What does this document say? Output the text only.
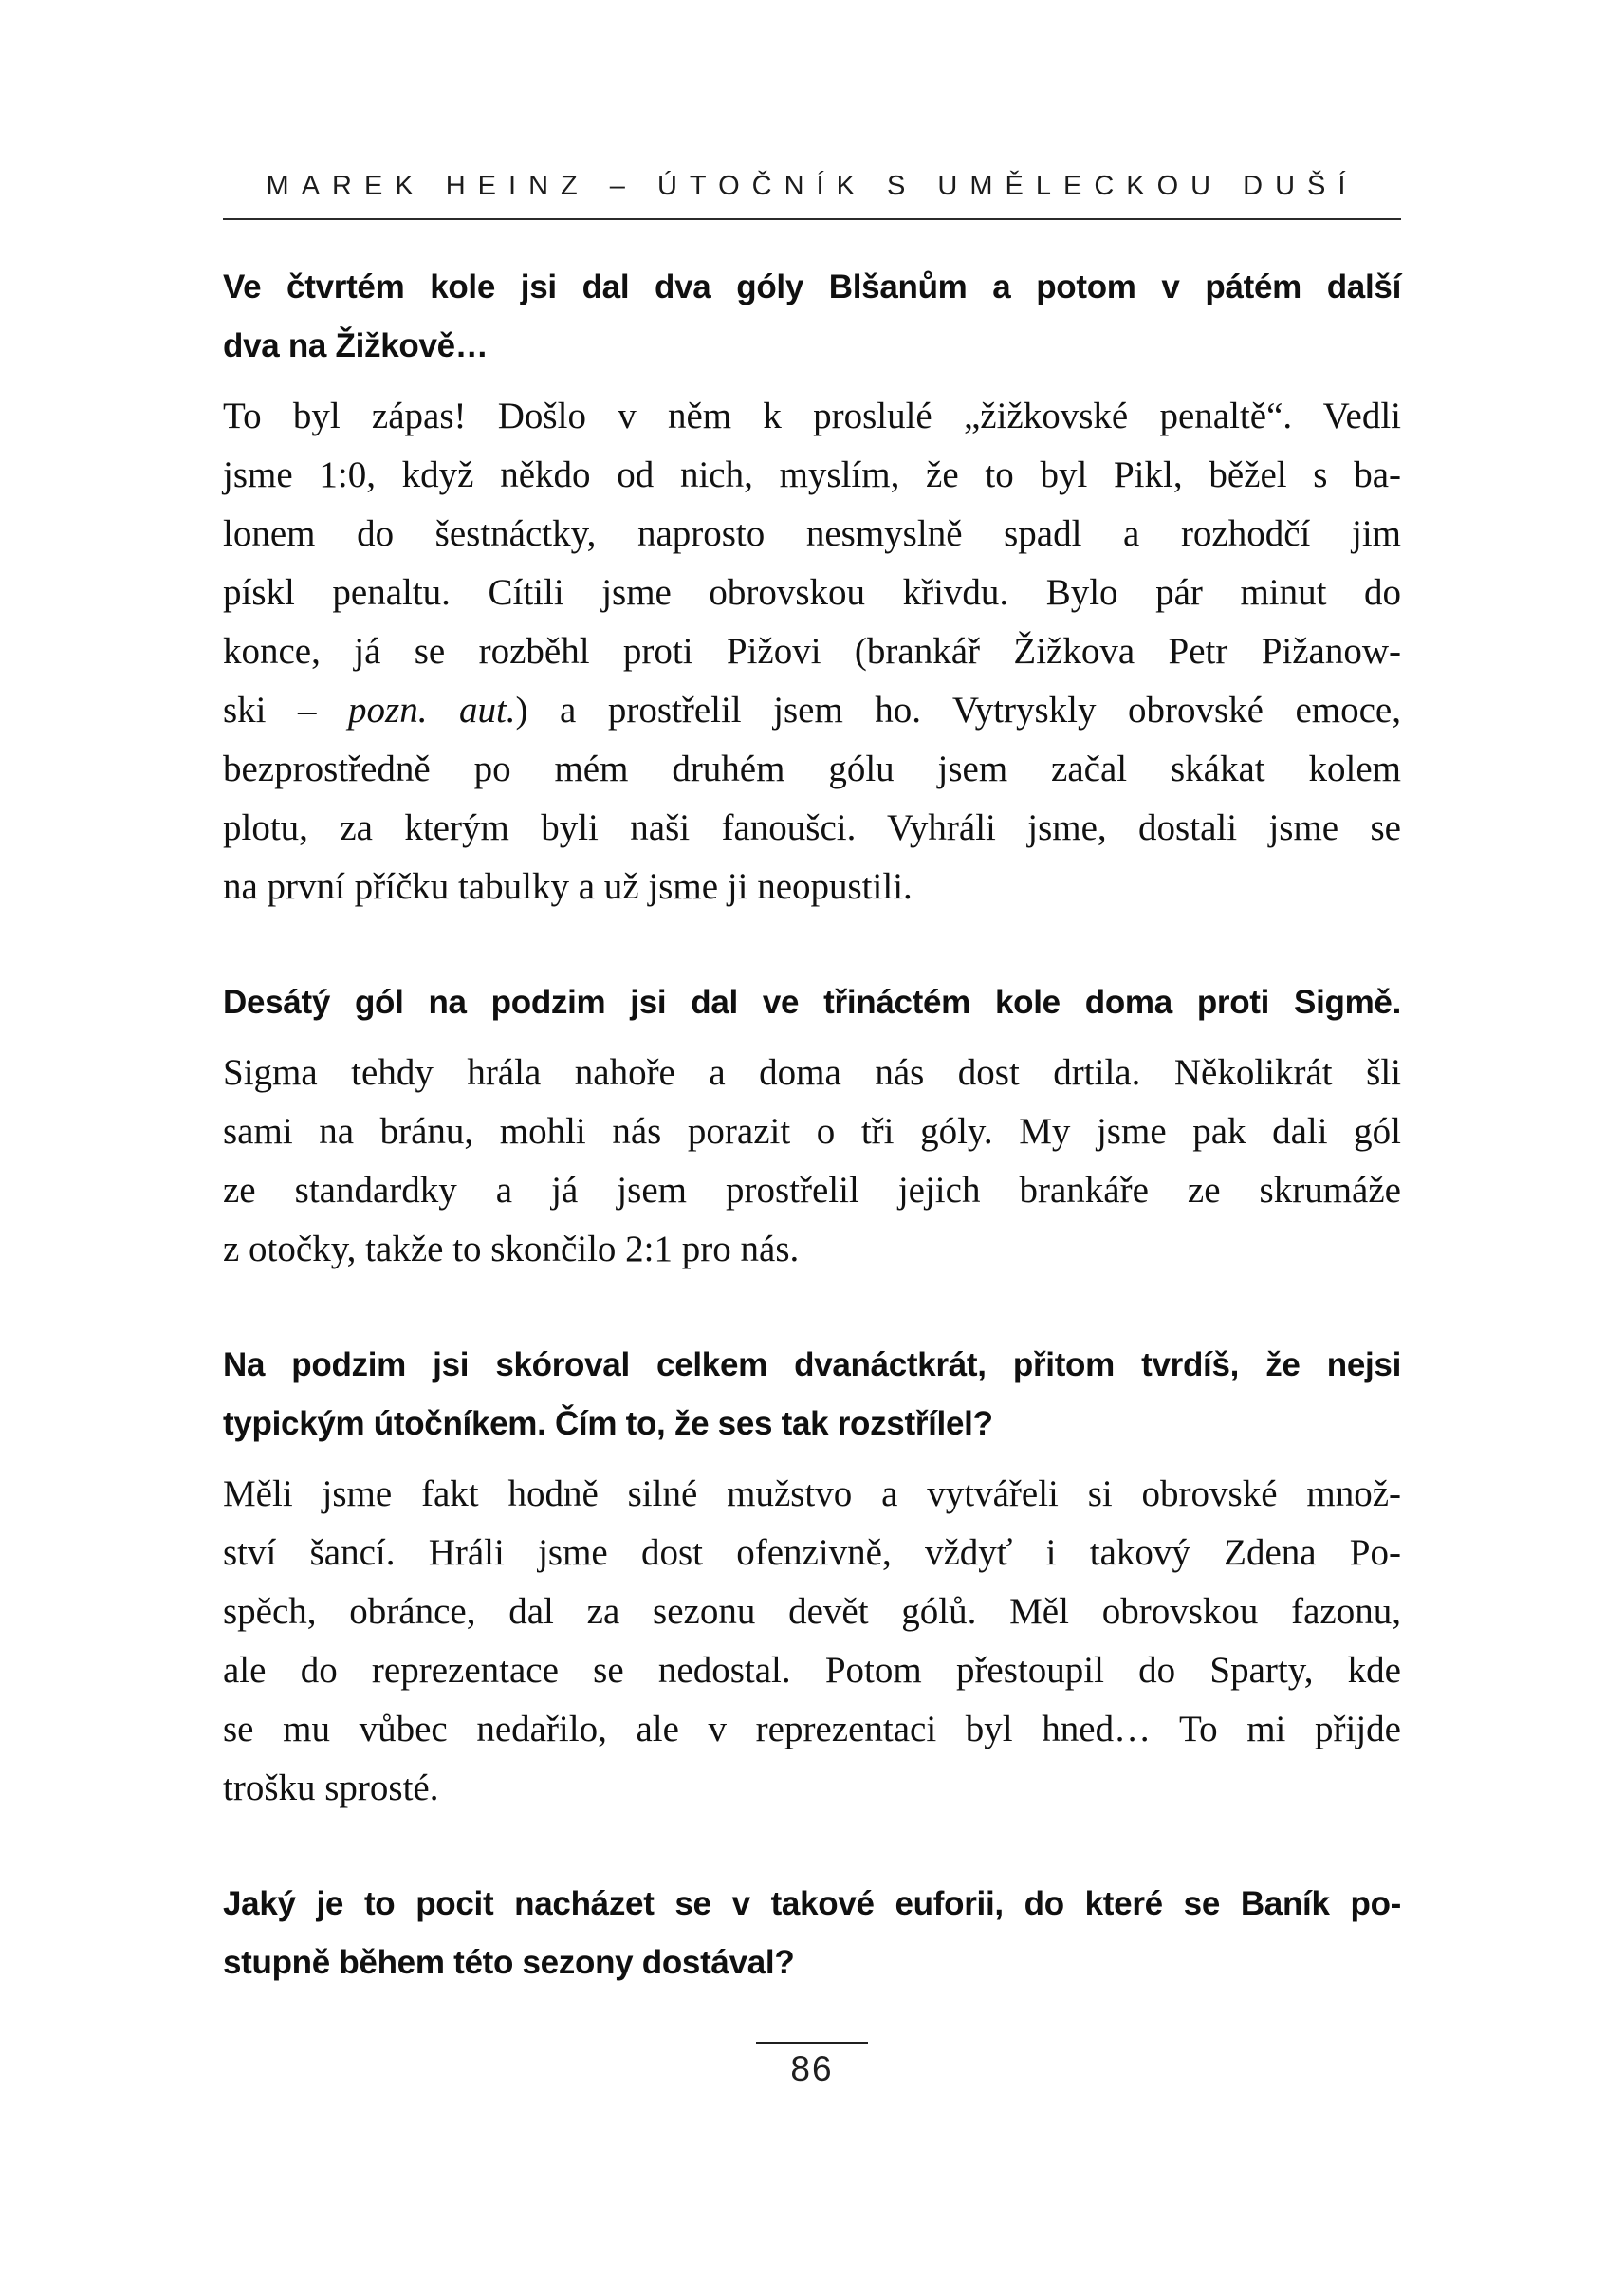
MAREK HEINZ – ÚTOČNÍK S UMĚLECKOU DUŠÍ
Ve čtvrtém kole jsi dal dva góly Blšanům a potom v pátém další
dva na Žižkově…
To byl zápas! Došlo v něm k proslulé „žižkovské penaltě“. Vedli
jsme 1:0, když někdo od nich, myslím, že to byl Pikl, běžel s ba-
lonem do šestnáctky, naprosto nesmyslně spadl a rozhodčí jim
pískl penaltu. Cítili jsme obrovskou křivdu. Bylo pár minut do
konce, já se rozběhl proti Pižovi (brankář Žižkova Petr Pižanow-
ski – pozn. aut.) a prostřelil jsem ho. Vytryskly obrovské emoce,
bezprostředně po mém druhém gólu jsem začal skákat kolem
plotu, za kterým byli naši fanoušci. Vyhráli jsme, dostali jsme se
na první příčku tabulky a už jsme ji neopustili.
Desátý gól na podzim jsi dal ve třináctém kole doma proti Sigmě.
Sigma tehdy hrála nahoře a doma nás dost drtila. Několikrát šli
sami na bránu, mohli nás porazit o tři góly. My jsme pak dali gól
ze standardky a já jsem prostřelil jejich brankáře ze skrumáže
z otočky, takže to skončilo 2:1 pro nás.
Na podzim jsi skóroval celkem dvanáctkrát, přitom tvrdíš, že nejsi
typickým útočníkem. Čím to, že ses tak rozstřílel?
Měli jsme fakt hodně silné mužstvo a vytvářeli si obrovské množ-
ství šancí. Hráli jsme dost ofenzivně, vždyť i takový Zdena Po-
spěch, obránce, dal za sezonu devět gólů. Měl obrovskou fazonu,
ale do reprezentace se nedostal. Potom přestoupil do Sparty, kde
se mu vůbec nedařilo, ale v reprezentaci byl hned… To mi přijde
trošku sprosté.
Jaký je to pocit nacházet se v takové euforii, do které se Baník po-
stupně během této sezony dostával?
86
